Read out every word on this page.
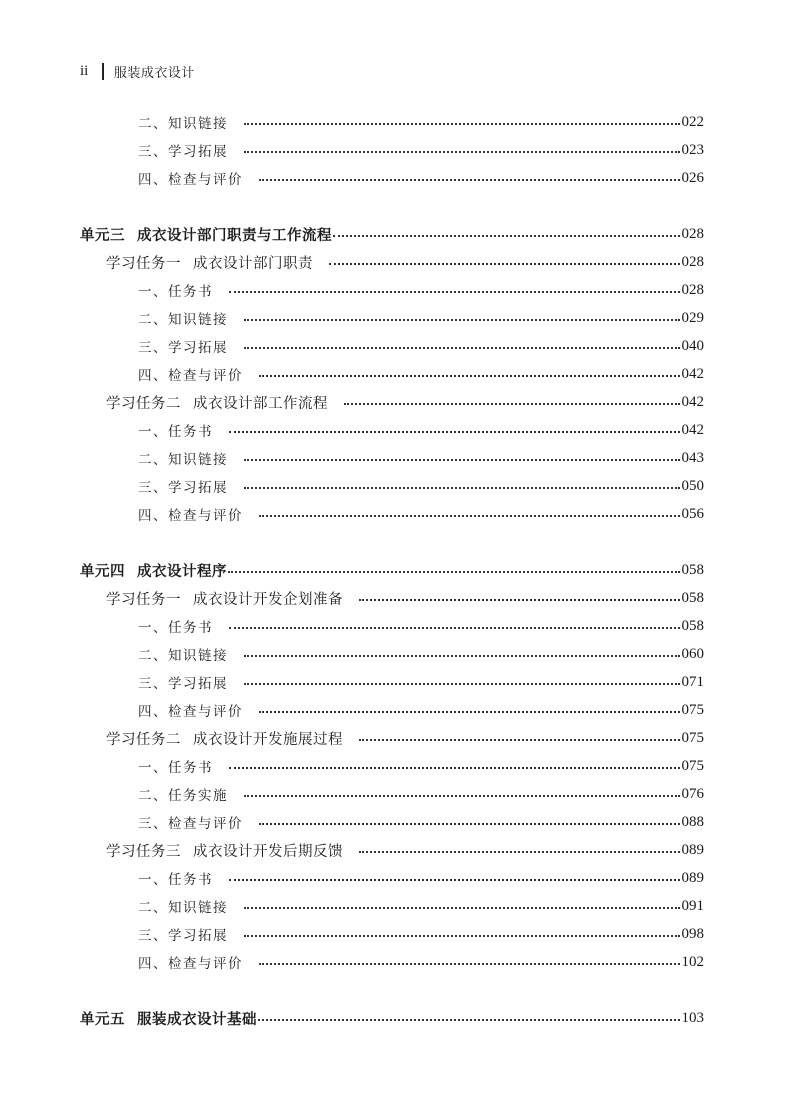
ii 服装成衣设计
二、知识链接	022
三、学习拓展	023
四、检查与评价	026
单元三 成衣设计部门职责与工作流程	028
学习任务一 成衣设计部门职责	028
一、任务书	028
二、知识链接	029
三、学习拓展	040
四、检查与评价	042
学习任务二 成衣设计部工作流程	042
一、任务书	042
二、知识链接	043
三、学习拓展	050
四、检查与评价	056
单元四 成衣设计程序	058
学习任务一 成衣设计开发企划准备	058
一、任务书	058
二、知识链接	060
三、学习拓展	071
四、检查与评价	075
学习任务二 成衣设计开发施展过程	075
一、任务书	075
二、任务实施	076
三、检查与评价	088
学习任务三 成衣设计开发后期反馈	089
一、任务书	089
二、知识链接	091
三、学习拓展	098
四、检查与评价	102
单元五 服装成衣设计基础	103
